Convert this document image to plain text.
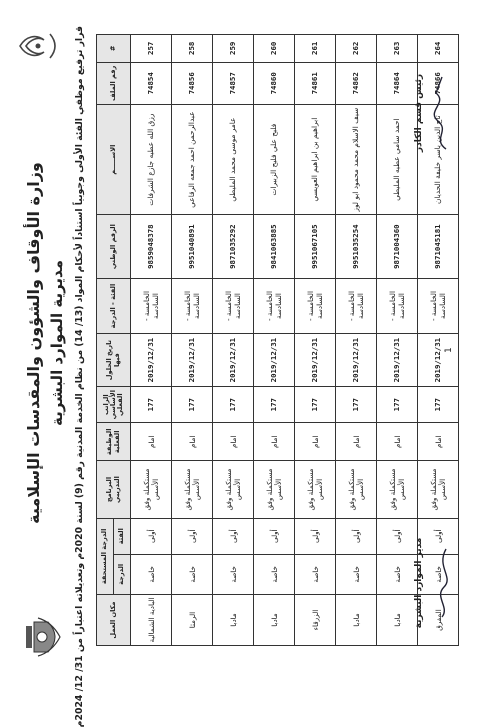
وزارة الأوقاف والشؤون والمقدسات الإسلامية مديرية الموارد البشرية
قرار ترفيع موظفي الفئة الأولى وجوبياً استناداً لأحكام المواد (13/ 14) من نظام الخدمة المدنية رقم (9) لسنة 2020م وتعديلاته اعتباراً من 31/ 12/ 2024م	#	رقم الملف	الاســـــم	الرقم الوطني	الفئة - الدرجة	تاريخ الحلول فيها	الراتب الأساسي الفعلي	الوظيفة الفعلية	البرنامج التدريبي	الدرجة المستحقة		مكان العمل
									الفئة	الدرجة	
257	74854	رزق الله عطيه جازع الشرفات	9859048378	الخامسة - السادسة	2019/12/31	177	امام	مستكملة وفق الأسس	أولى	خاصة	البادية الشمالية
258	74856	عبدالرحمن احمد جمعه الرقاعي	9951040891	الخامسة - السادسة	2019/12/31	177	امام	مستكملة وفق الأسس	أولى	خاصة	الرمثا
259	74857	عامر موسى محمد المليطي	9871035292	الخامسة - السادسة	2019/12/31	177	امام	مستكملة وفق الأسس	أولى	خاصة	مادبا
260	74860	فليح علي فليح الزبيرات	9841063885	الخامسة - السادسة	2019/12/31	177	امام	مستكملة وفق الأسس	أولى	خاصة	مادبا
261	74861	ابراهيم بن ابراهيم العويسي	9951067105	الخامسة - السادسة	2019/12/31	177	امام	مستكملة وفق الأسس	أولى	خاصة	الزرقاء
262	74862	سيف الاسلام محمد محمود ابو لوز	9951035254	الخامسة - السادسة	2019/12/31	177	امام	مستكملة وفق الأسس	أولى	خاصة	مادبا
263	74864	احمد سامي عطيه المليطي	9871004360	الخامسة - السادسة	2019/12/31	177	امام	مستكملة وفق الأسس	أولى	خاصة	مادبا
264	74866	تاج الدين ياسر خليفة الحديان	9871045181	الخامسة - السادسة	2019/12/31	177	امام	مستكملة وفق الأسس	أولى	خاصة	المفرق
رئيس قسم الكادر
مدير الموارد البشرية
1
